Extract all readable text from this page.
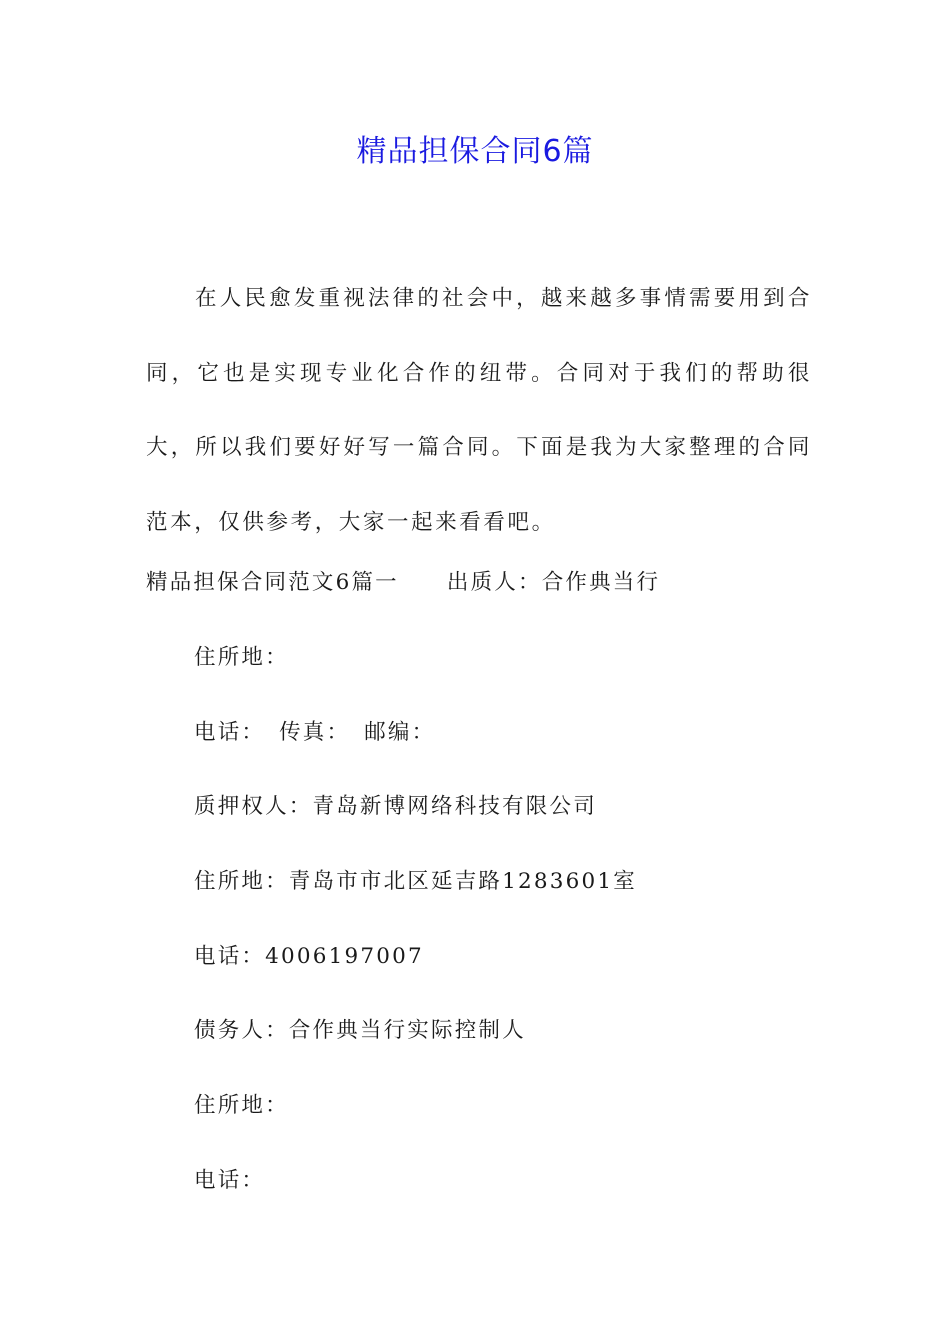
精品担保合同6篇

在人民愈发重视法律的社会中，越来越多事情需要用到合同，它也是实现专业化合作的纽带。合同对于我们的帮助很大，所以我们要好好写一篇合同。下面是我为大家整理的合同范本，仅供参考，大家一起来看看吧。

精品担保合同范文6篇一 出质人：合作典当行

住所地：

电话： 传真： 邮编：

质押权人：青岛新博网络科技有限公司

住所地：青岛市市北区延吉路1283601室

电话：4006197007

债务人：合作典当行实际控制人

住所地：

电话：
